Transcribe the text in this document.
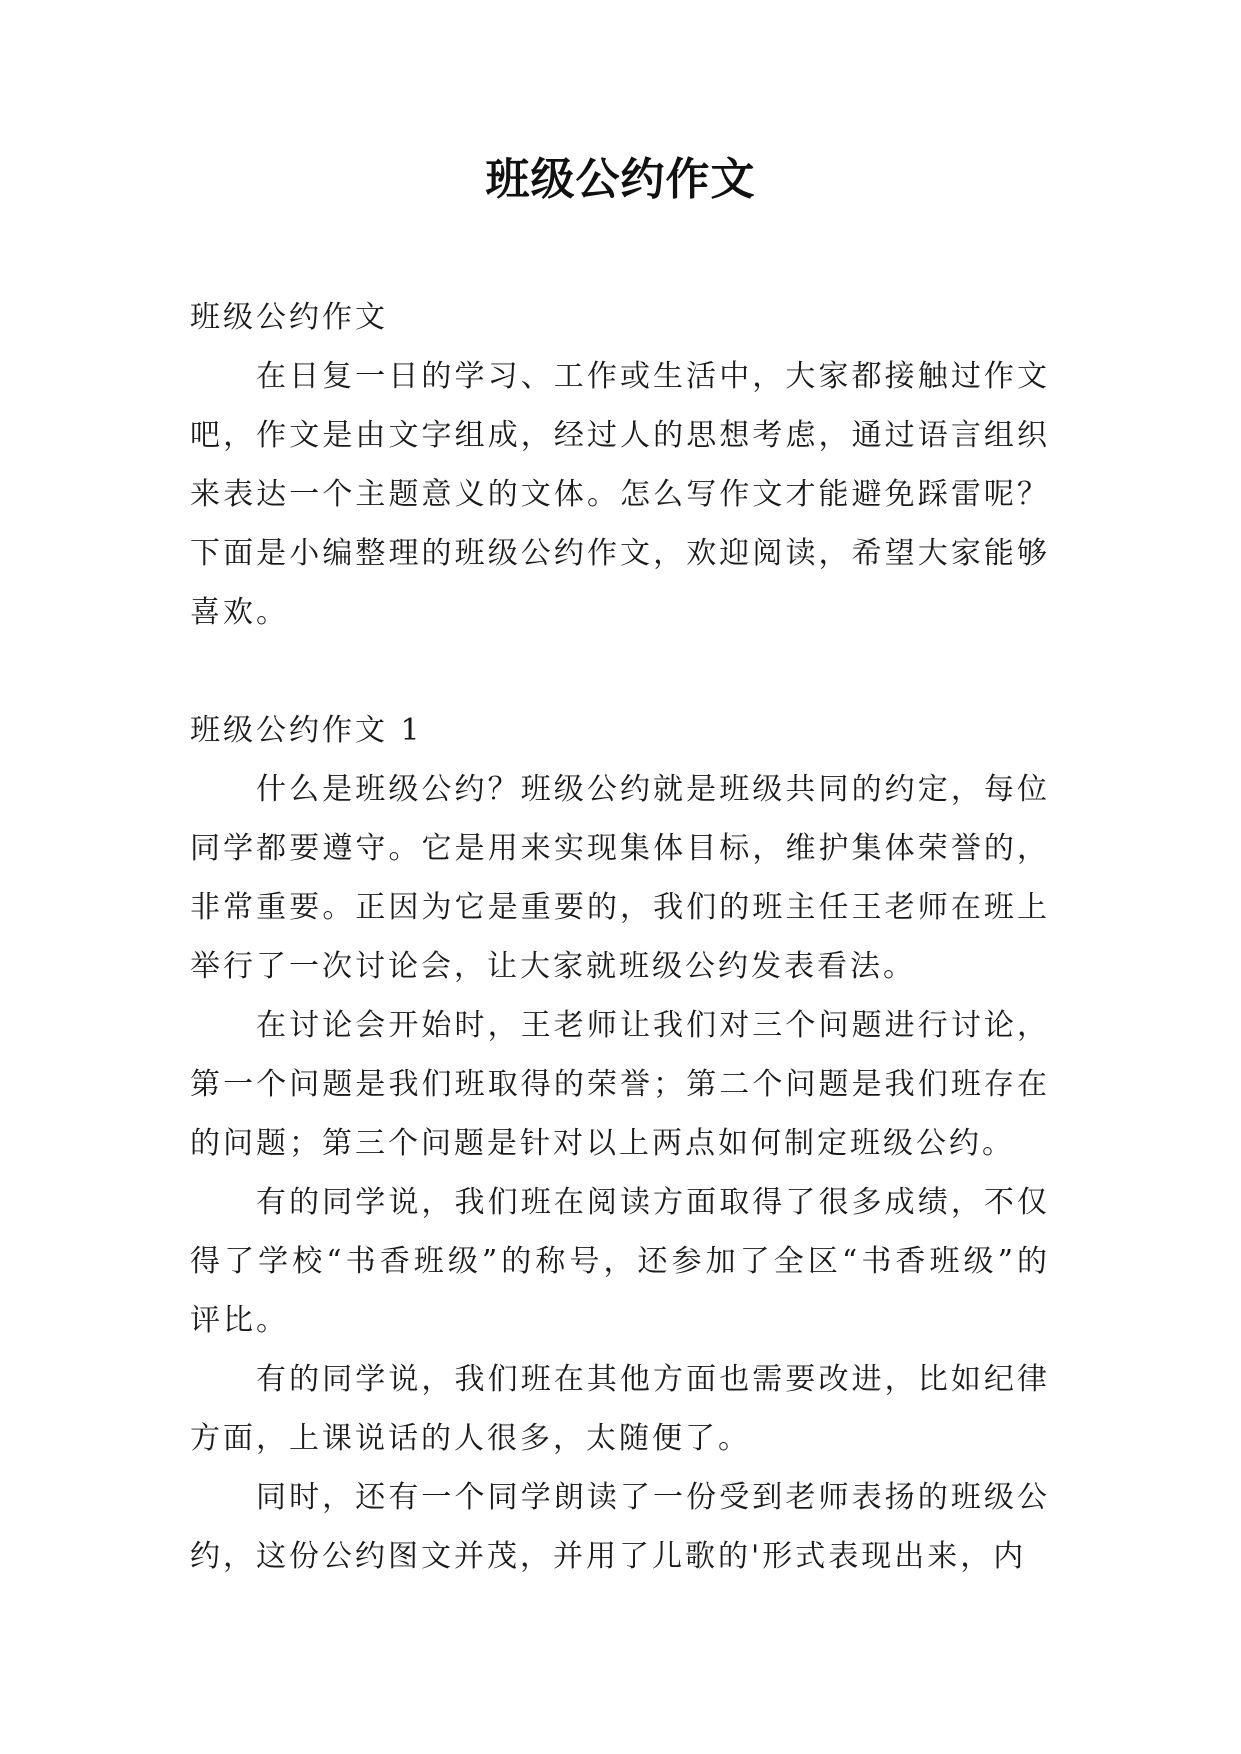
班级公约作文

班级公约作文

在日复一日的学习、工作或生活中，大家都接触过作文吧，作文是由文字组成，经过人的思想考虑，通过语言组织来表达一个主题意义的文体。怎么写作文才能避免踩雷呢？下面是小编整理的班级公约作文，欢迎阅读，希望大家能够喜欢。

班级公约作文 1

什么是班级公约？班级公约就是班级共同的约定，每位同学都要遵守。它是用来实现集体目标，维护集体荣誉的，非常重要。正因为它是重要的，我们的班主任王老师在班上举行了一次讨论会，让大家就班级公约发表看法。

在讨论会开始时，王老师让我们对三个问题进行讨论，第一个问题是我们班取得的荣誉；第二个问题是我们班存在的问题；第三个问题是针对以上两点如何制定班级公约。

有的同学说，我们班在阅读方面取得了很多成绩，不仅得了学校“书香班级”的称号，还参加了全区“书香班级”的评比。

有的同学说，我们班在其他方面也需要改进，比如纪律方面，上课说话的人很多，太随便了。

同时，还有一个同学朗读了一份受到老师表扬的班级公约，这份公约图文并茂，并用了儿歌的'形式表现出来，内
